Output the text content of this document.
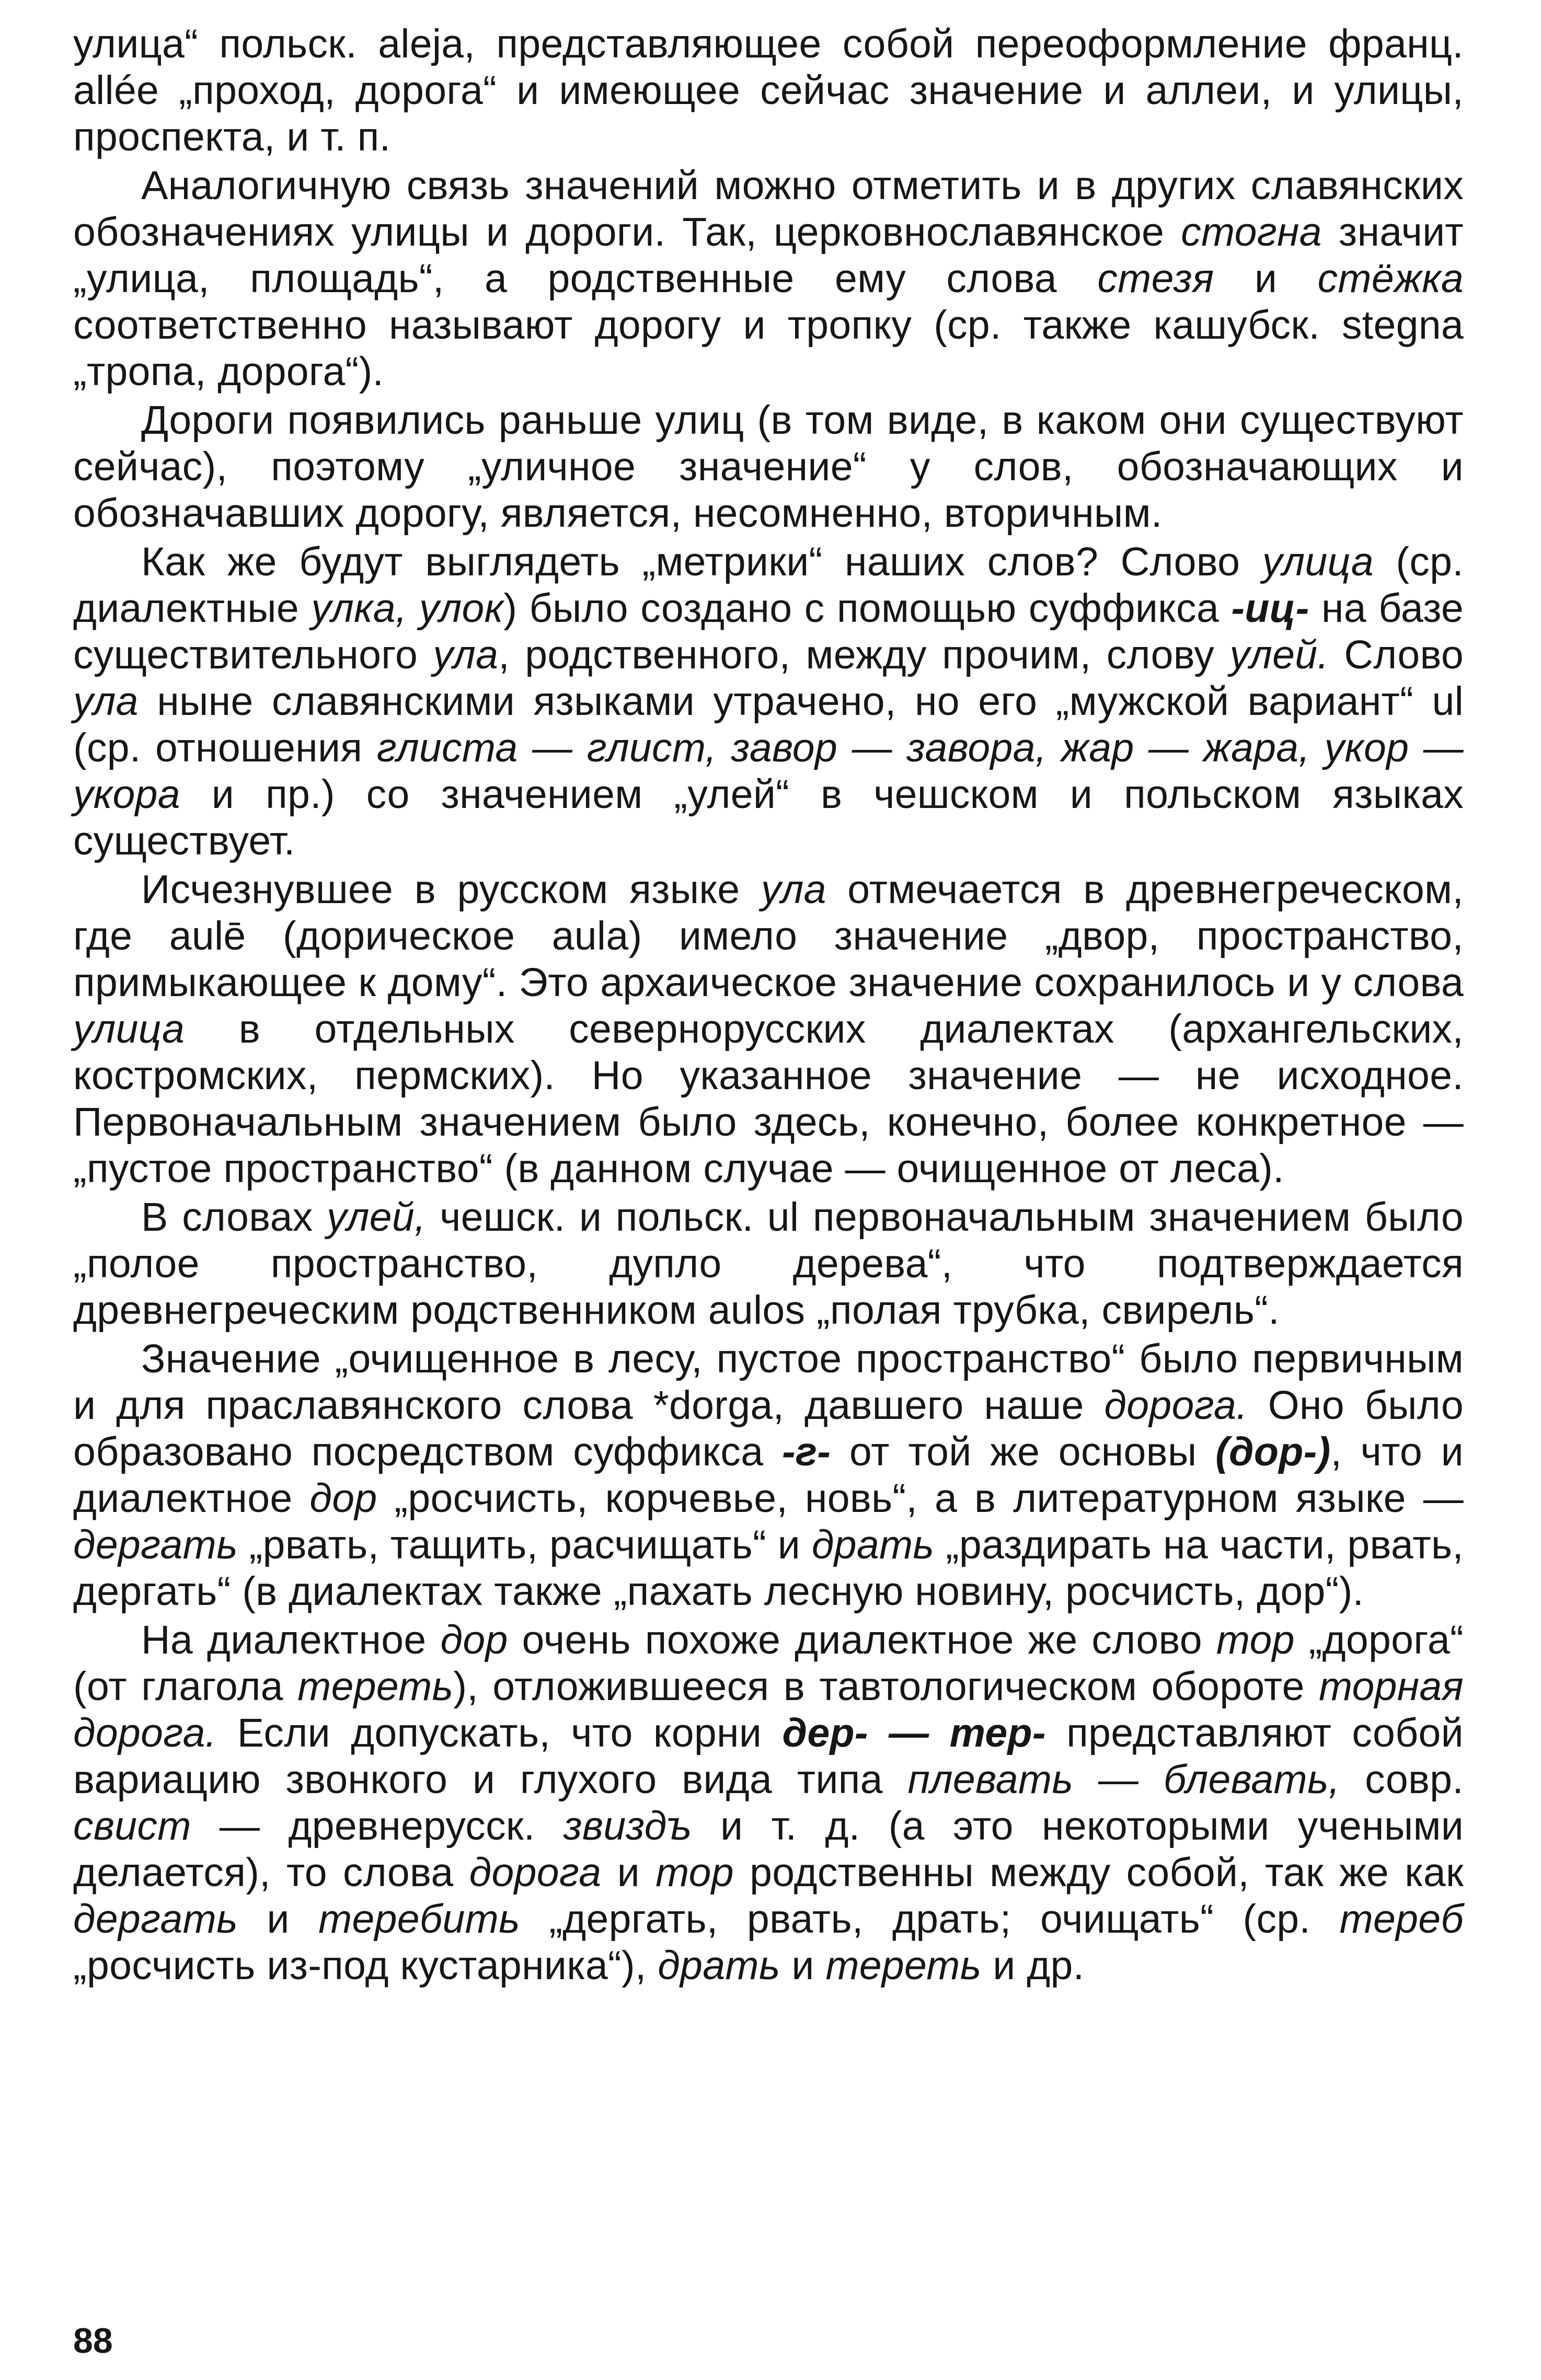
улица“ польск. aleja, представляющее собой переоформление франц. allée „проход, дорога“ и имеющее сейчас значение и аллеи, и улицы, проспекта, и т. п.

Аналогичную связь значений можно отметить и в других славянских обозначениях улицы и дороги. Так, церковнославянское стогна значит „улица, площадь“, а родственные ему слова стезя и стёжка соответственно называют дорогу и тропку (ср. также кашубск. stegna „тропа, дорога“).

Дороги появились раньше улиц (в том виде, в каком они существуют сейчас), поэтому „уличное значение“ у слов, обозначающих и обозначавших дорогу, является, несомненно, вторичным.

Как же будут выглядеть „метрики“ наших слов? Слово улица (ср. диалектные улка, улок) было создано с помощью суффикса -иц- на базе существительного ула, родственного, между прочим, слову улей. Слово ула ныне славянскими языками утрачено, но его „мужской вариант“ ul (ср. отношения глиста — глист, завор — завора, жар — жара, укор — укора и пр.) со значением „улей“ в чешском и польском языках существует.

Исчезнувшее в русском языке ула отмечается в древнегреческом, где aulē (дорическое aula) имело значение „двор, пространство, примыкающее к дому“. Это архаическое значение сохранилось и у слова улица в отдельных севернорусских диалектах (архангельских, костромских, пермских). Но указанное значение — не исходное. Первоначальным значением было здесь, конечно, более конкретное — „пустое пространство“ (в данном случае — очищенное от леса).

В словах улей, чешск. и польск. ul первоначальным значением было „полое пространство, дупло дерева“, что подтверждается древнегреческим родственником aulos „полая трубка, свирель“.

Значение „очищенное в лесу, пустое пространство“ было первичным и для праславянского слова *dorga, давшего наше дорога. Оно было образовано посредством суффикса -г- от той же основы (дор-), что и диалектное дор „росчисть, корчевье, новь“, а в литературном языке — дергать „рвать, тащить, расчищать“ и драть „раздирать на части, рвать, дергать“ (в диалектах также „пахать лесную новину, росчисть, дор“).

На диалектное дор очень похоже диалектное же слово тор „дорога“ (от глагола тереть), отложившееся в тавтологическом обороте торная дорога. Если допускать, что корни дер- — тер- представляют собой вариацию звонкого и глухого вида типа плевать — блевать, совр. свист — древнерусск. звиздъ и т. д. (а это некоторыми учеными делается), то слова дорога и тор родственны между собой, так же как дергать и теребить „дергать, рвать, драть; очищать“ (ср. тереб „росчисть из-под кустарника“), драть и тереть и др.

88
